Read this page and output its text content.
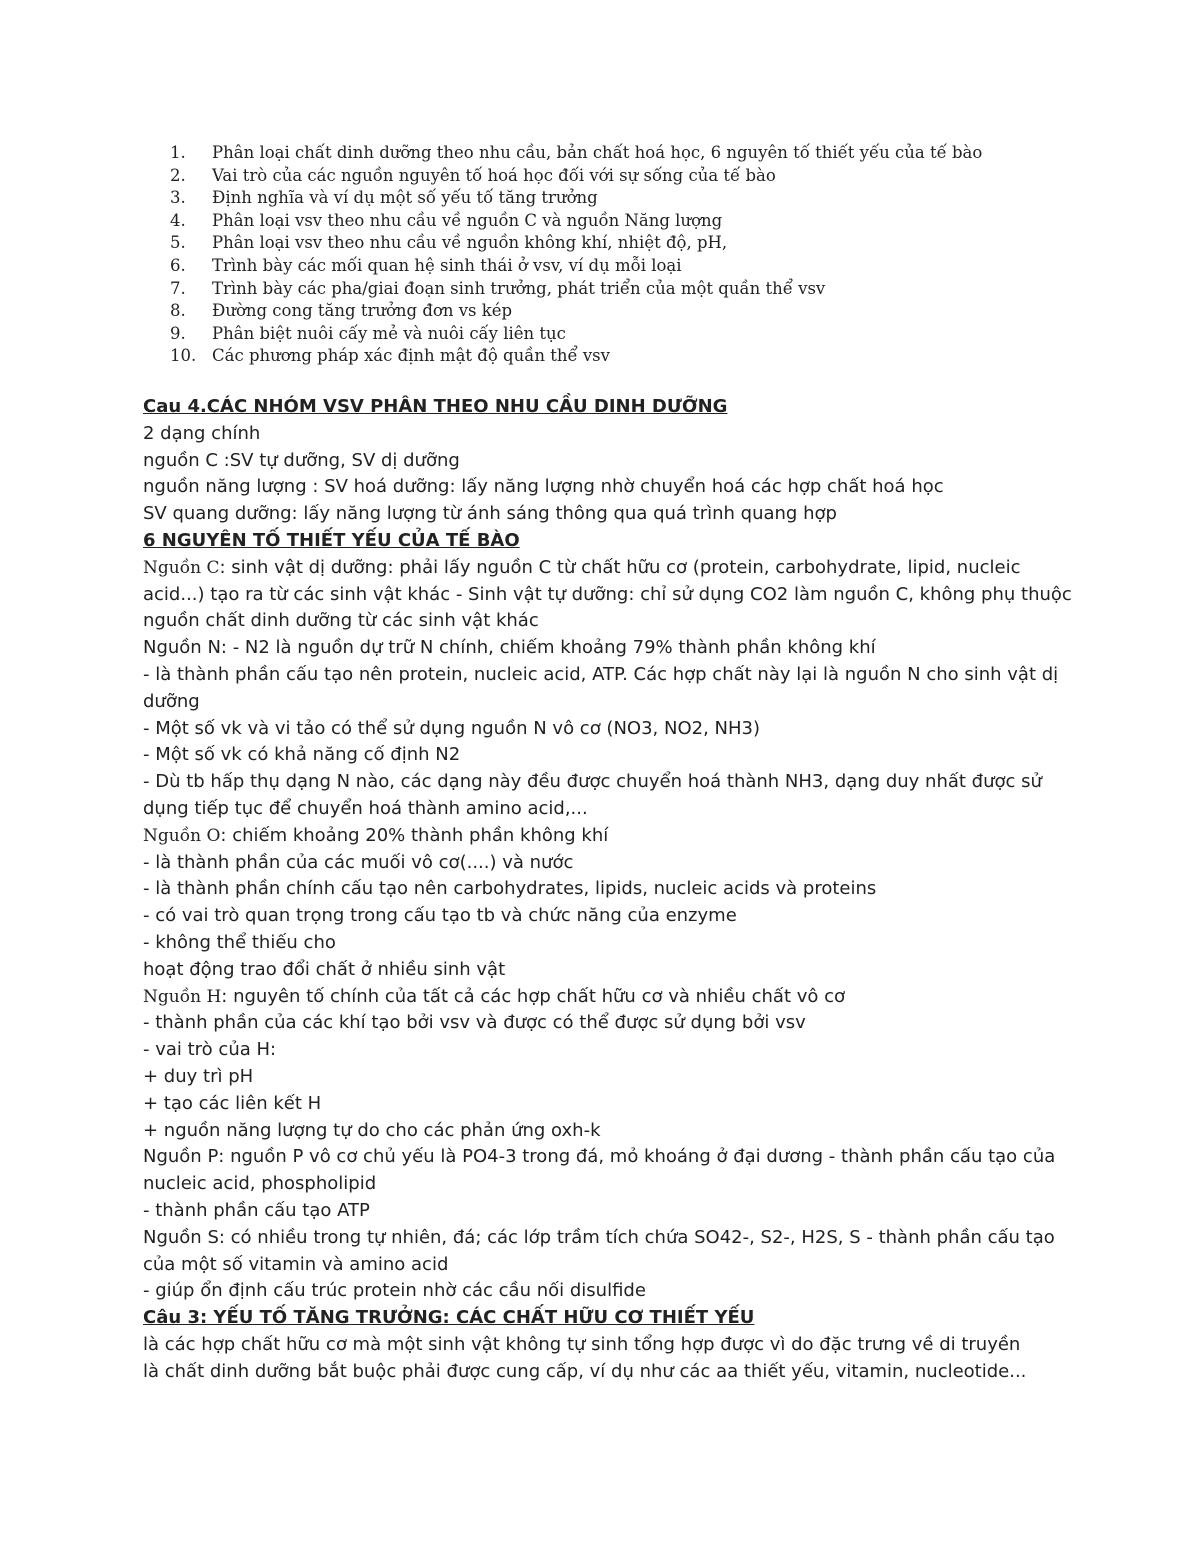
1.	Phân loại chất dinh dưỡng theo nhu cầu, bản chất hoá học, 6 nguyên tố thiết yếu của tế bào
2.	Vai trò của các nguồn nguyên tố hoá học đối với sự sống của tế bào
3.	Định nghĩa và ví dụ một số yếu tố tăng trưởng
4.	Phân loại vsv theo nhu cầu về nguồn C và nguồn Năng lượng
5.	Phân loại vsv theo nhu cầu về nguồn không khí, nhiệt độ, pH,
6.	Trình bày các mối quan hệ sinh thái ở vsv, ví dụ mỗi loại
7.	Trình bày các pha/giai đoạn sinh trưởng, phát triển của một quần thể vsv
8.	Đường cong tăng trưởng đơn vs kép
9.	Phân biệt nuôi cấy mẻ và nuôi cấy liên tục
10. Các phương pháp xác định mật độ quần thể vsv

Cau 4.CÁC NHÓM VSV PHÂN THEO NHU CẦU DINH DƯỠNG

2 dạng chính

nguồn C :SV tự dưỡng, SV dị dưỡng

nguồn năng lượng : SV hoá dưỡng: lấy năng lượng nhờ chuyển hoá các hợp chất hoá học

SV quang dưỡng: lấy năng lượng từ ánh sáng thông qua quá trình quang hợp

6 NGUYÊN TỐ THIẾT YẾU CỦA TẾ BÀO

Nguồn C: sinh vật dị dưỡng: phải lấy nguồn C từ chất hữu cơ (protein, carbohydrate, lipid, nucleic acid...) tạo ra từ các sinh vật khác - Sinh vật tự dưỡng: chỉ sử dụng CO2 làm nguồn C, không phụ thuộc nguồn chất dinh dưỡng từ các sinh vật khác

Nguồn N: - N2 là nguồn dự trữ N chính, chiếm khoảng 79% thành phần không khí

- là thành phần cấu tạo nên protein, nucleic acid, ATP. Các hợp chất này lại là nguồn N cho sinh vật dị dưỡng

- Một số vk và vi tảo có thể sử dụng nguồn N vô cơ (NO3, NO2, NH3)

- Một số vk có khả năng cố định N2

- Dù tb hấp thụ dạng N nào, các dạng này đều được chuyển hoá thành NH3, dạng duy nhất được sử dụng tiếp tục để chuyển hoá thành amino acid,...

Nguồn O: chiếm khoảng 20% thành phần không khí

- là thành phần của các muối vô cơ(....) và nước

- là thành phần chính cấu tạo nên carbohydrates, lipids, nucleic acids và proteins

- có vai trò quan trọng trong cấu tạo tb và chức năng của enzyme

- không thể thiếu cho

hoạt động trao đổi chất ở nhiều sinh vật

Nguồn H: nguyên tố chính của tất cả các hợp chất hữu cơ và nhiều chất vô cơ

- thành phần của các khí tạo bởi vsv và được có thể được sử dụng bởi vsv

- vai trò của H:

+ duy trì pH

+ tạo các liên kết H

+ nguồn năng lượng tự do cho các phản ứng oxh-k

Nguồn P: nguồn P vô cơ chủ yếu là PO4-3 trong đá, mỏ khoáng ở đại dương - thành phần cấu tạo của nucleic acid, phospholipid

- thành phần cấu tạo ATP

Nguồn S: có nhiều trong tự nhiên, đá; các lớp trầm tích chứa SO42-, S2-, H2S, S - thành phần cấu tạo của một số vitamin và amino acid

- giúp ổn định cấu trúc protein nhờ các cầu nối disulfide

Câu 3: YẾU TỐ TĂNG TRƯỞNG: CÁC CHẤT HỮU CƠ THIẾT YẾU

là các hợp chất hữu cơ mà một sinh vật không tự sinh tổng hợp được vì do đặc trưng về di truyền

là chất dinh dưỡng bắt buộc phải được cung cấp, ví dụ như các aa thiết yếu, vitamin, nucleotide...
